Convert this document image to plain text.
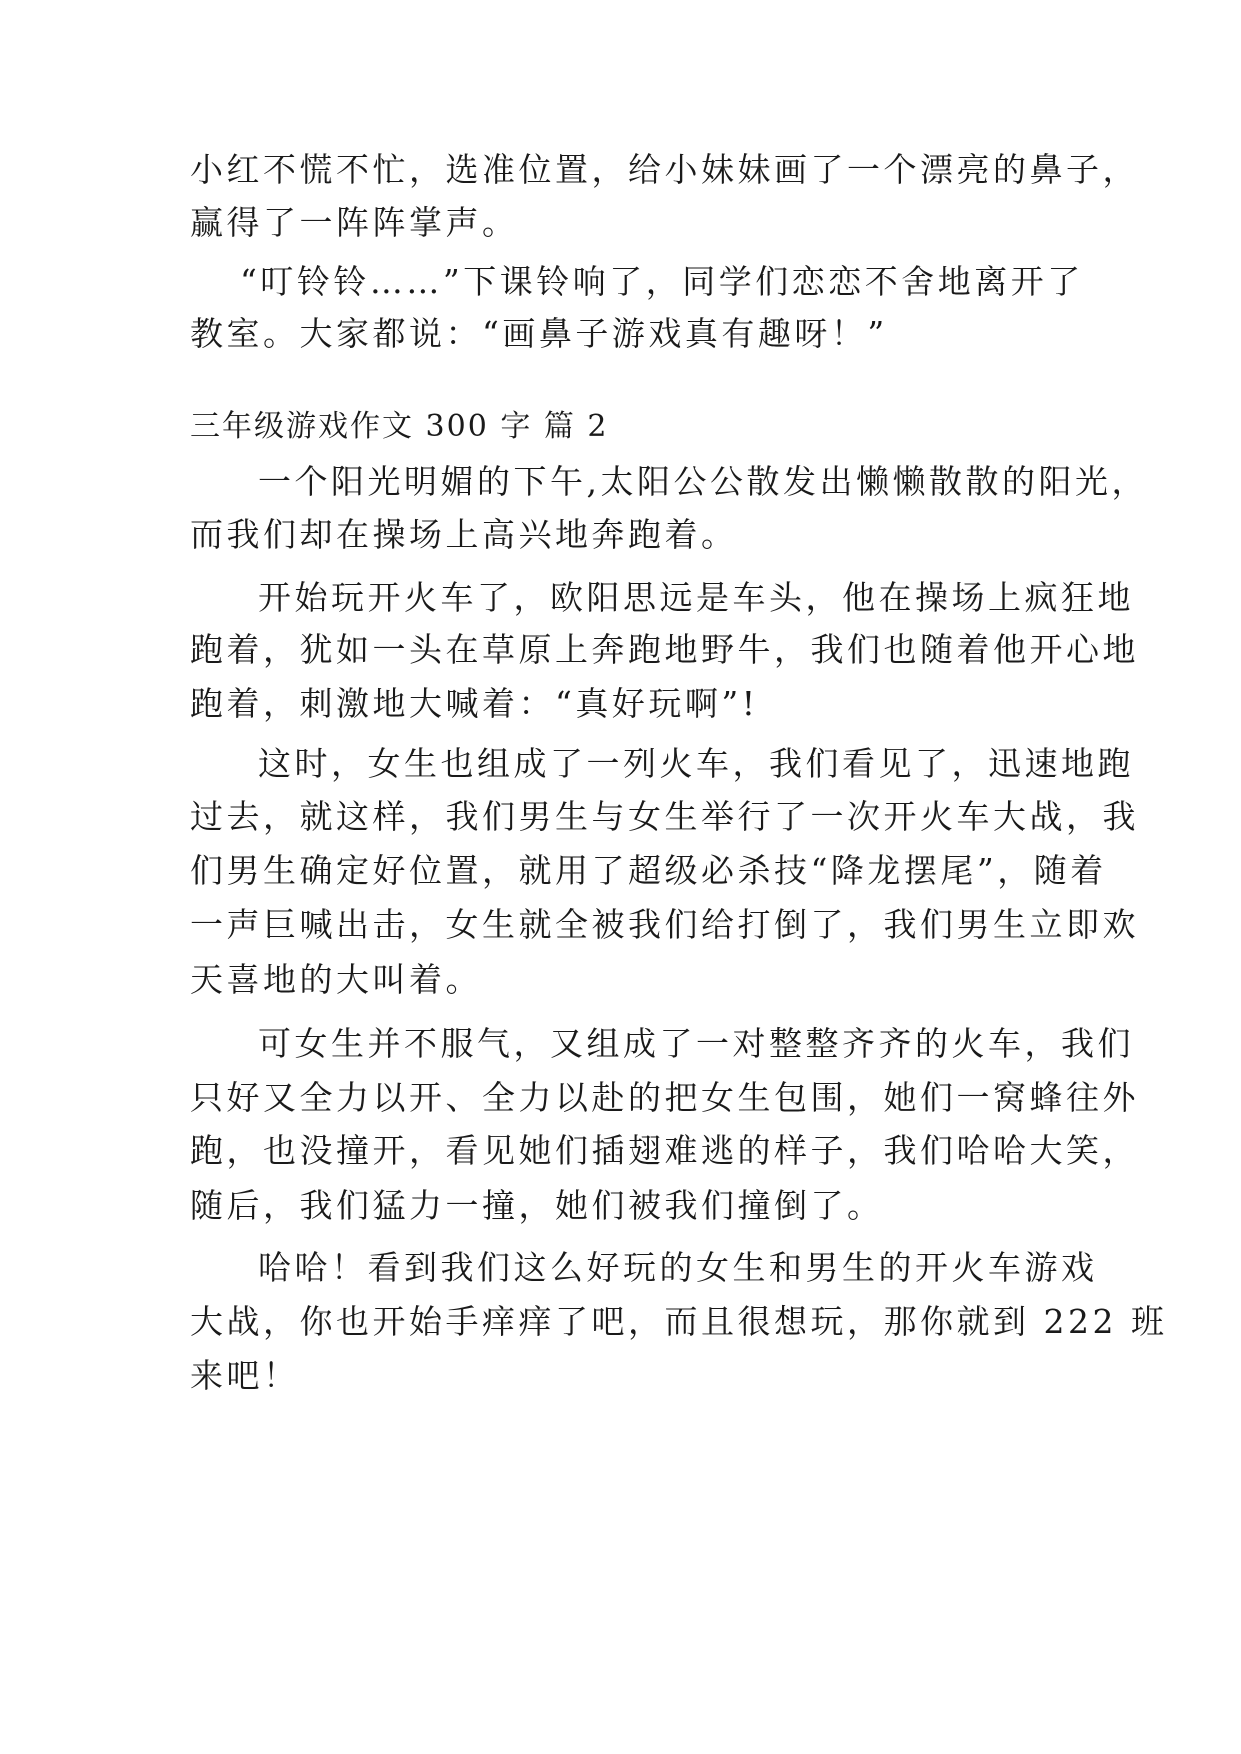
小红不慌不忙，选准位置，给小妹妹画了一个漂亮的鼻子，
赢得了一阵阵掌声。
“叮铃铃……”下课铃响了，同学们恋恋不舍地离开了
教室。大家都说：“画鼻子游戏真有趣呀！”
三年级游戏作文 300 字 篇 2
一个阳光明媚的下午,太阳公公散发出懒懒散散的阳光，
而我们却在操场上高兴地奔跑着。
开始玩开火车了，欧阳思远是车头，他在操场上疯狂地
跑着，犹如一头在草原上奔跑地野牛，我们也随着他开心地
跑着，刺激地大喊着：“真好玩啊”!
这时，女生也组成了一列火车，我们看见了，迅速地跑
过去，就这样，我们男生与女生举行了一次开火车大战，我
们男生确定好位置，就用了超级必杀技“降龙摆尾”，随着
一声巨喊出击，女生就全被我们给打倒了，我们男生立即欢
天喜地的大叫着。
可女生并不服气，又组成了一对整整齐齐的火车，我们
只好又全力以开、全力以赴的把女生包围，她们一窝蜂往外
跑，也没撞开，看见她们插翅难逃的样子，我们哈哈大笑，
随后，我们猛力一撞，她们被我们撞倒了。
哈哈！看到我们这么好玩的女生和男生的开火车游戏
大战，你也开始手痒痒了吧，而且很想玩，那你就到 222 班
来吧！
